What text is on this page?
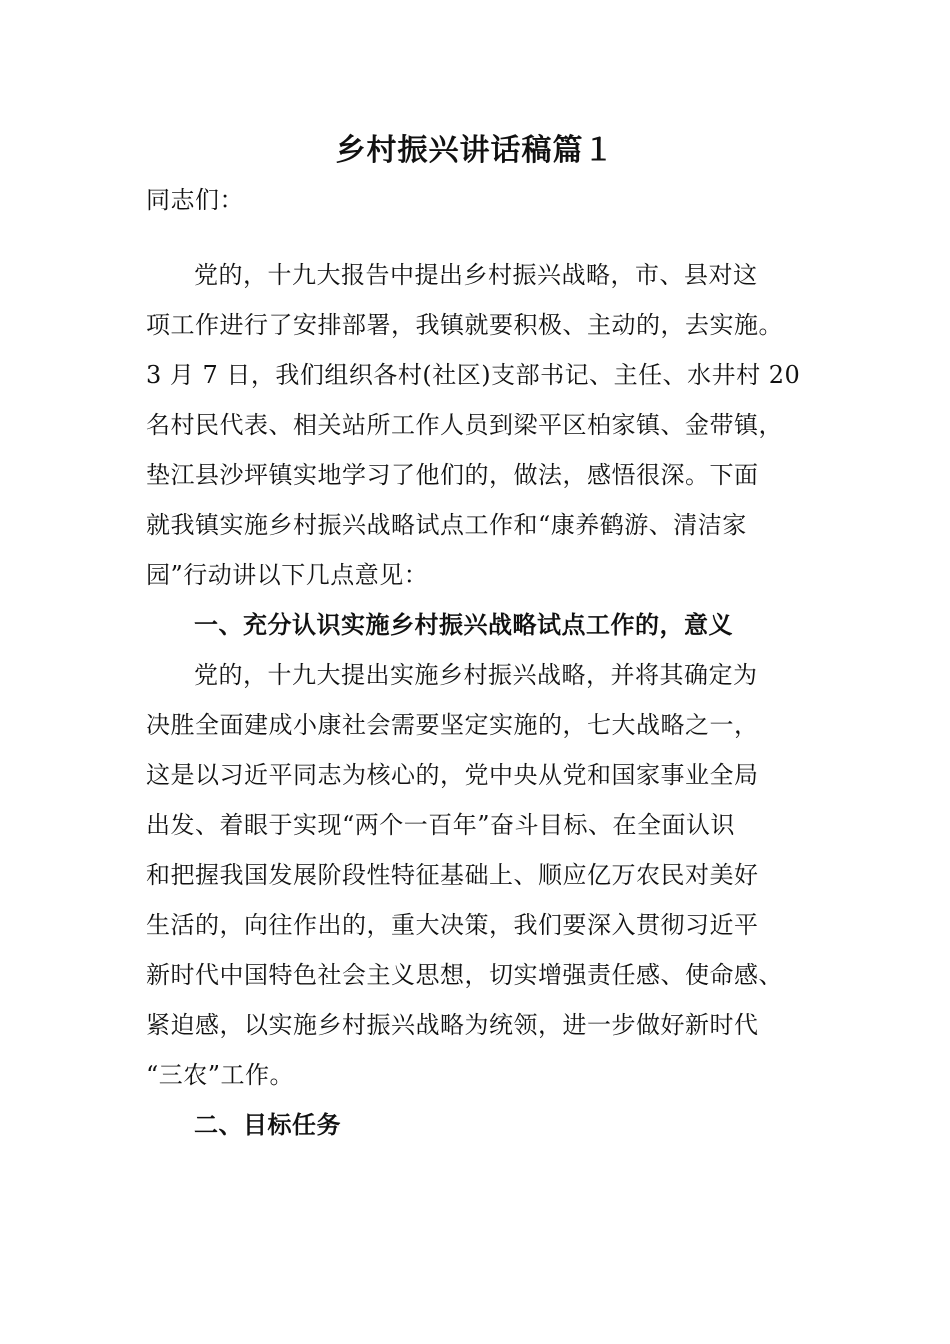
乡村振兴讲话稿篇１
同志们：
党的，十九大报告中提出乡村振兴战略，市、县对这
项工作进行了安排部署，我镇就要积极、主动的，去实施。
3 月 7 日，我们组织各村(社区)支部书记、主任、水井村 20
名村民代表、相关站所工作人员到梁平区柏家镇、金带镇，
垫江县沙坪镇实地学习了他们的，做法，感悟很深。下面
就我镇实施乡村振兴战略试点工作和“康养鹤游、清洁家
园”行动讲以下几点意见：
一、充分认识实施乡村振兴战略试点工作的，意义
党的，十九大提出实施乡村振兴战略，并将其确定为
决胜全面建成小康社会需要坚定实施的，七大战略之一，
这是以习近平同志为核心的，党中央从党和国家事业全局
出发、着眼于实现“两个一百年”奋斗目标、在全面认识
和把握我国发展阶段性特征基础上、顺应亿万农民对美好
生活的，向往作出的，重大决策，我们要深入贯彻习近平
新时代中国特色社会主义思想，切实增强责任感、使命感、
紧迫感，以实施乡村振兴战略为统领，进一步做好新时代
“三农”工作。
二、目标任务
